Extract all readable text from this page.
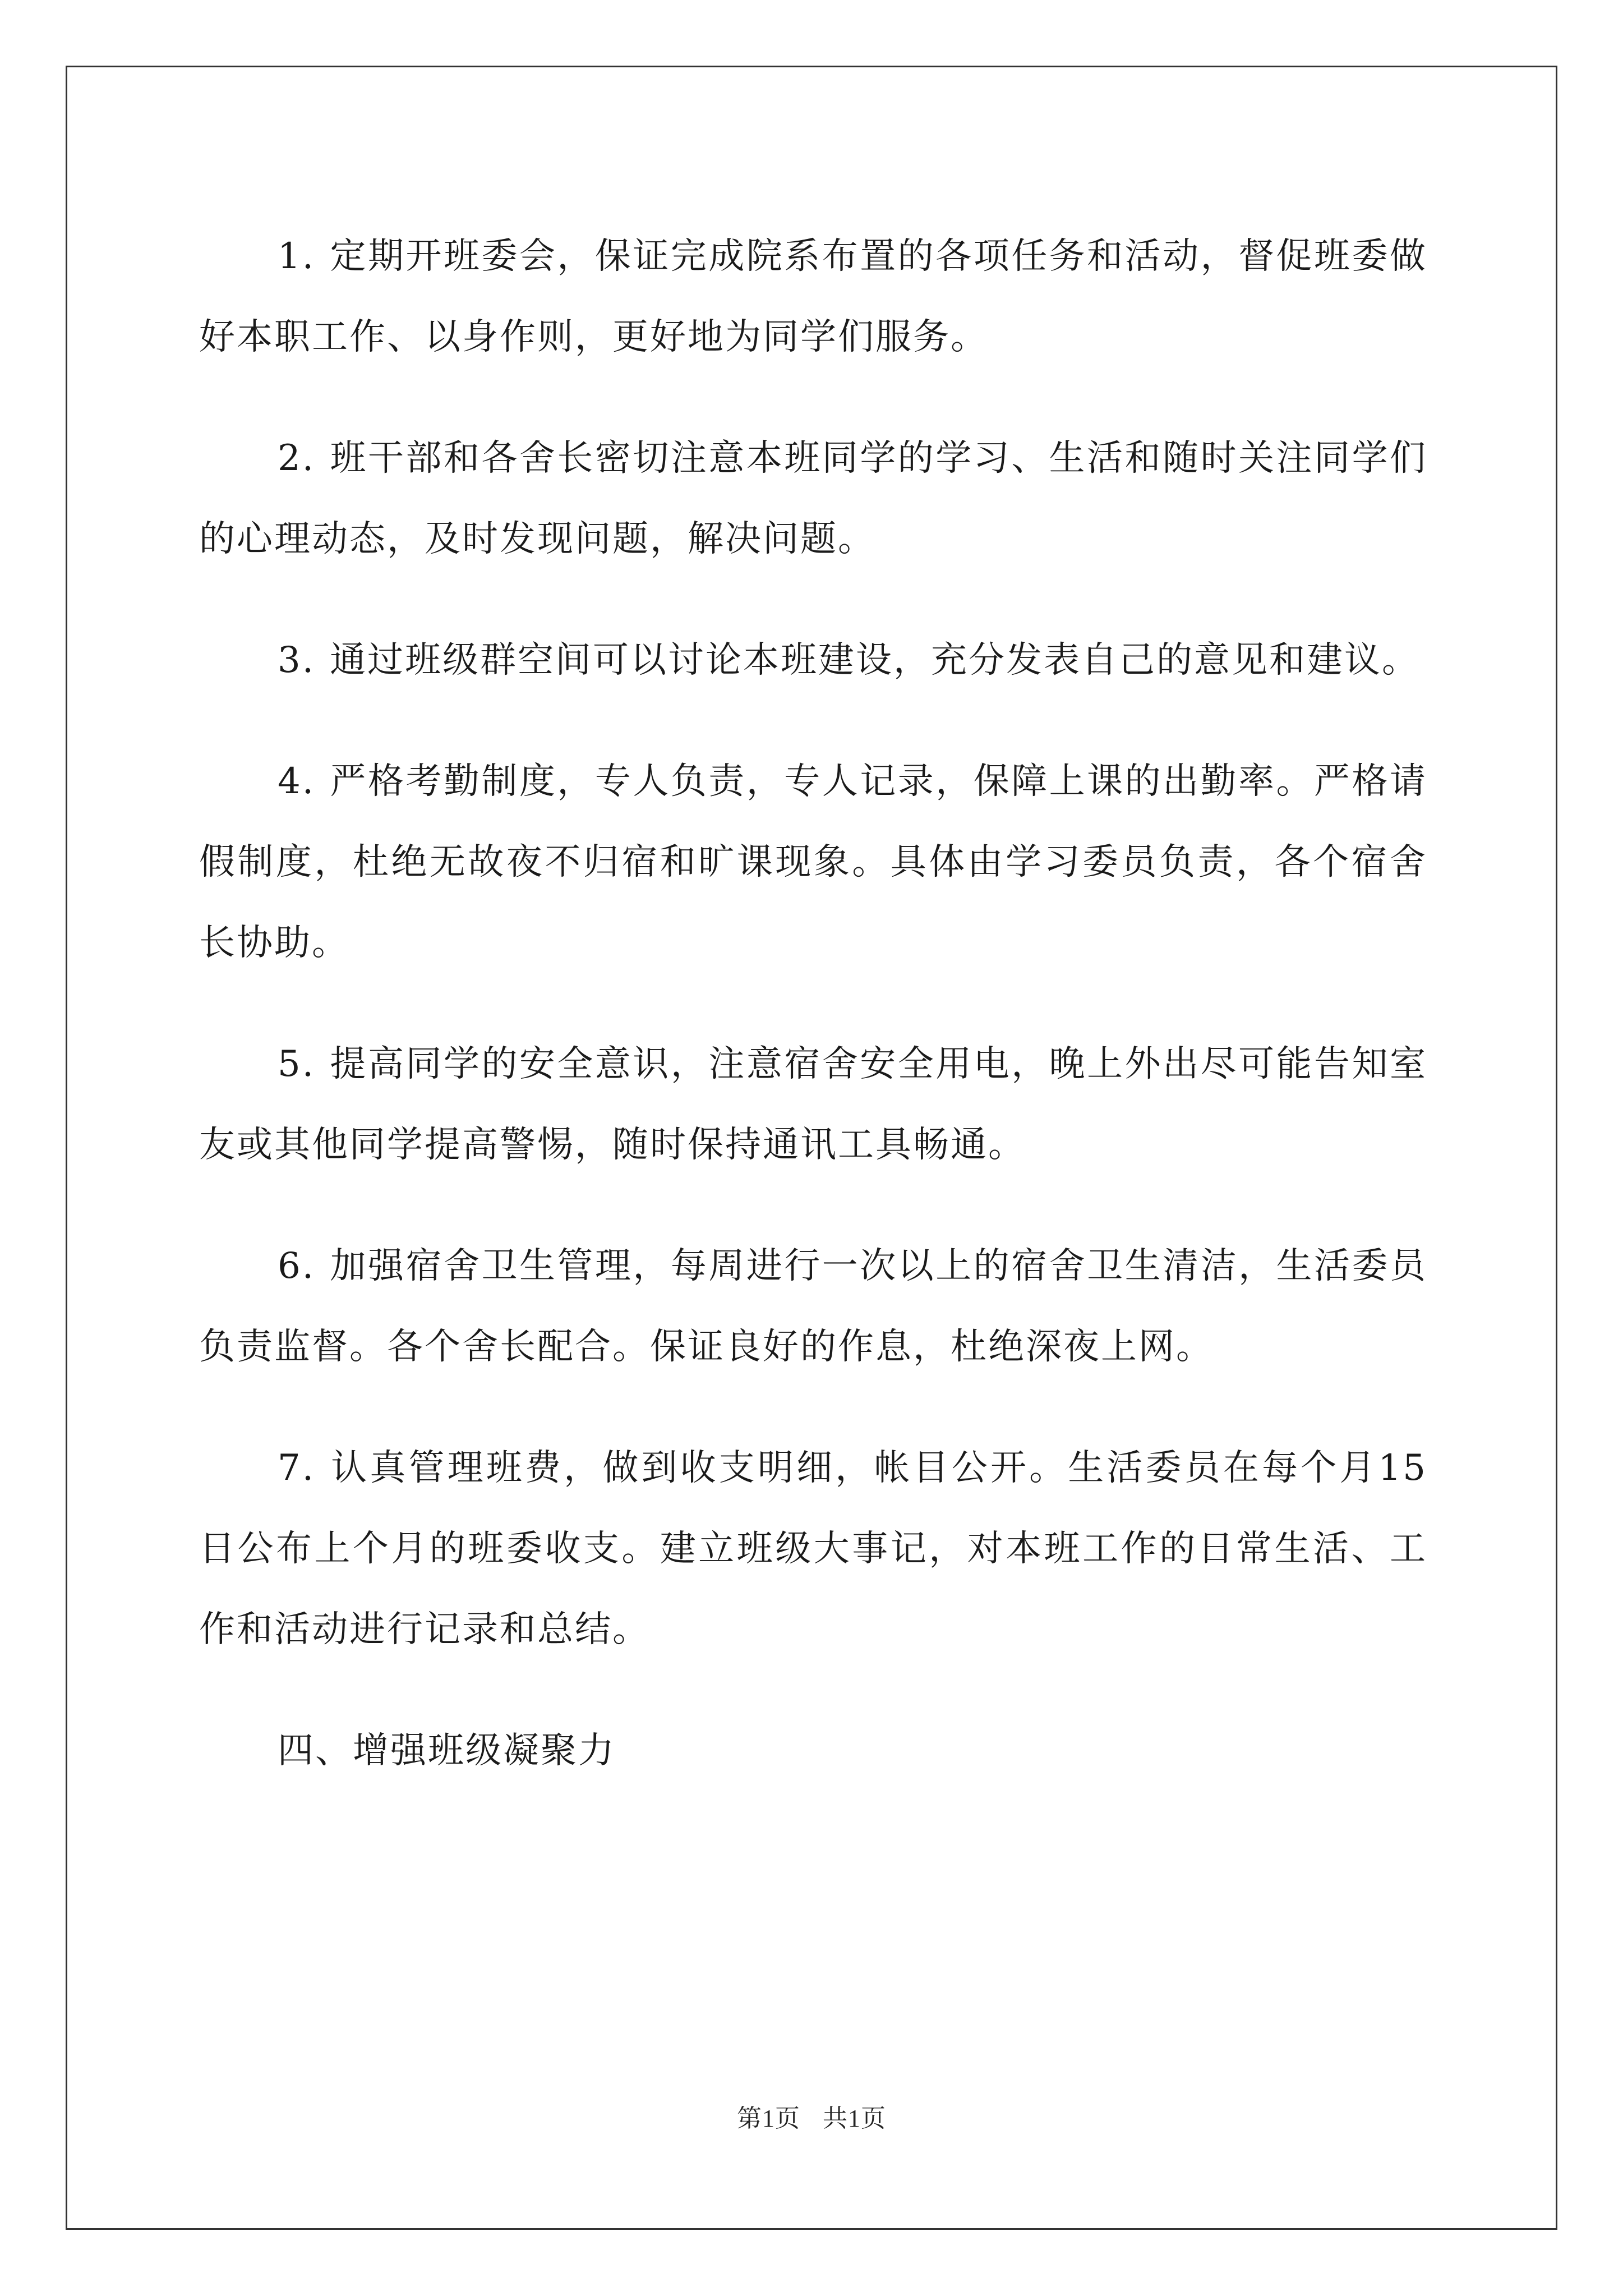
1. 定期开班委会，保证完成院系布置的各项任务和活动，督促班委做好本职工作、以身作则，更好地为同学们服务。

2. 班干部和各舍长密切注意本班同学的学习、生活和随时关注同学们的心理动态，及时发现问题，解决问题。

3. 通过班级群空间可以讨论本班建设，充分发表自己的意见和建议。

4. 严格考勤制度，专人负责，专人记录，保障上课的出勤率。严格请假制度，杜绝无故夜不归宿和旷课现象。具体由学习委员负责，各个宿舍长协助。

5. 提高同学的安全意识，注意宿舍安全用电，晚上外出尽可能告知室友或其他同学提高警惕，随时保持通讯工具畅通。

6. 加强宿舍卫生管理，每周进行一次以上的宿舍卫生清洁，生活委员负责监督。各个舍长配合。保证良好的作息，杜绝深夜上网。

7. 认真管理班费，做到收支明细，帐目公开。生活委员在每个月15日公布上个月的班委收支。建立班级大事记，对本班工作的日常生活、工作和活动进行记录和总结。

四、增强班级凝聚力

第1页 共1页
